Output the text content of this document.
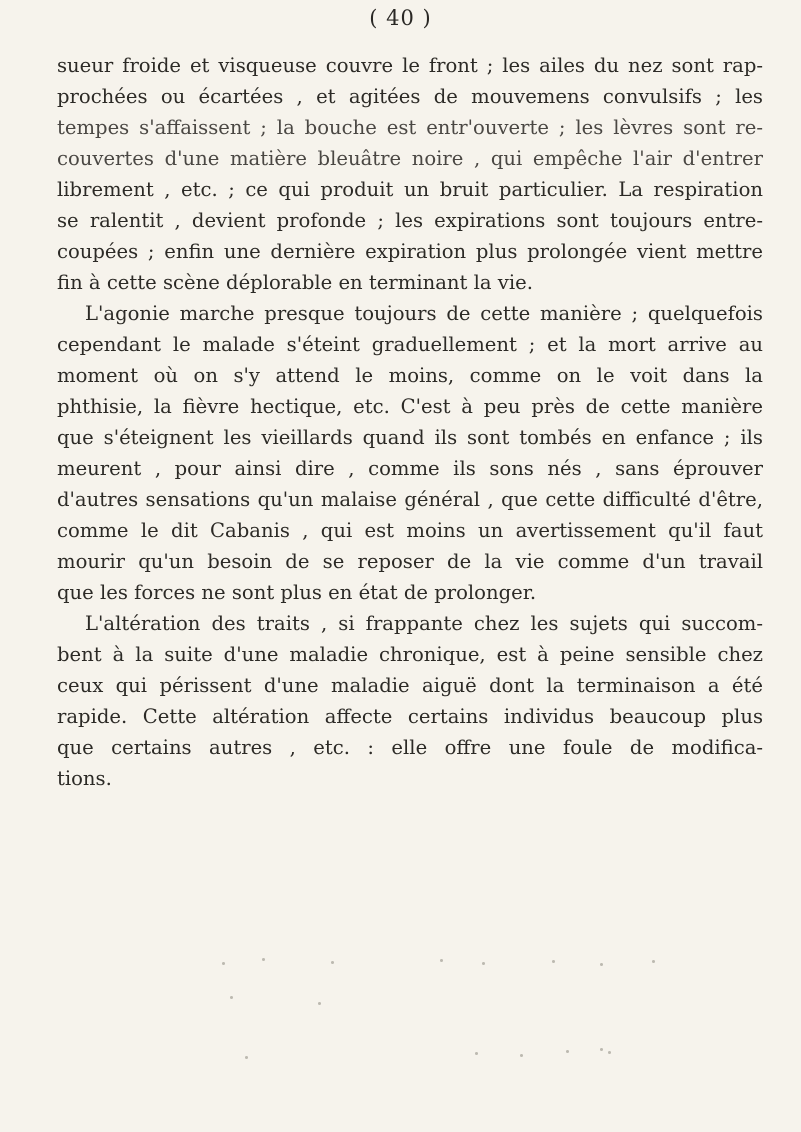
( 40 )
sueur froide et visqueuse couvre le front ; les ailes du nez sont rap-
prochées ou écartées , et agitées de mouvemens convulsifs ; les
tempes s'affaissent ; la bouche est entr'ouverte ; les lèvres sont re-
couvertes d'une matière bleuâtre noire , qui empêche l'air d'entrer
librement , etc. ; ce qui produit un bruit particulier. La respiration
se ralentit , devient profonde ; les expirations sont toujours entre-
coupées ; enfin une dernière expiration plus prolongée vient mettre
fin à cette scène déplorable en terminant la vie.
L'agonie marche presque toujours de cette manière ; quelquefois
cependant le malade s'éteint graduellement ; et la mort arrive au
moment où on s'y attend le moins, comme on le voit dans la
phthisie, la fièvre hectique, etc. C'est à peu près de cette manière
que s'éteignent les vieillards quand ils sont tombés en enfance ; ils
meurent , pour ainsi dire , comme ils sons nés , sans éprouver
d'autres sensations qu'un malaise général , que cette difficulté d'être,
comme le dit Cabanis , qui est moins un avertissement qu'il faut
mourir qu'un besoin de se reposer de la vie comme d'un travail
que les forces ne sont plus en état de prolonger.
L'altération des traits , si frappante chez les sujets qui succom-
bent à la suite d'une maladie chronique, est à peine sensible chez
ceux qui périssent d'une maladie aiguë dont la terminaison a été
rapide. Cette altération affecte certains individus beaucoup plus
que certains autres , etc. : elle offre une foule de modifica-
tions.
